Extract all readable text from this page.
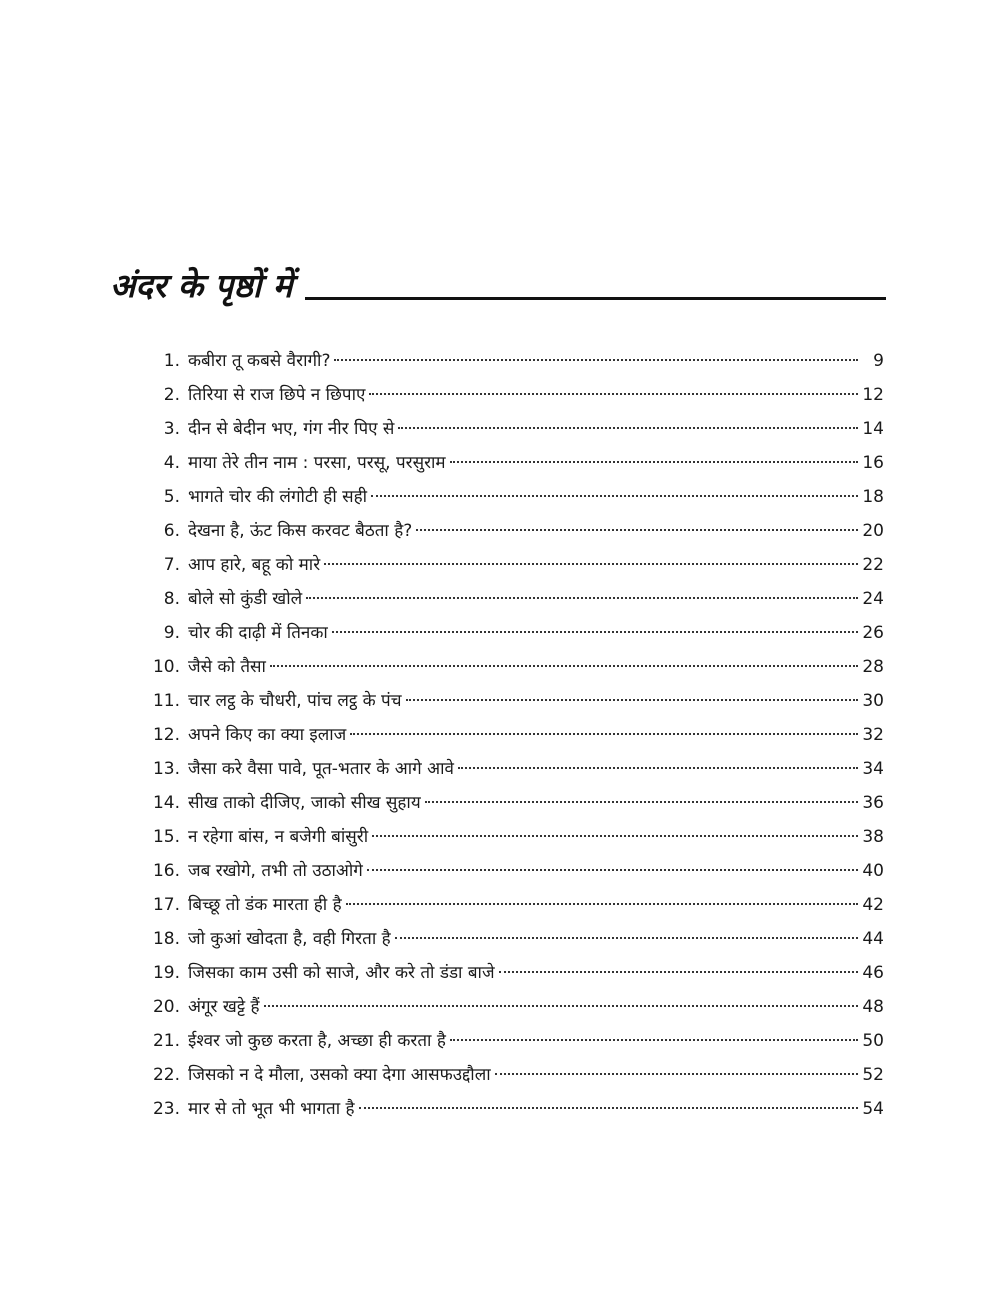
अंदर के पृष्ठों में
1. कबीरा तू कबसे वैरागी?	9
2. तिरिया से राज छिपे न छिपाए	12
3. दीन से बेदीन भए, गंग नीर पिए से	14
4. माया तेरे तीन नाम : परसा, परसू, परसुराम	16
5. भागते चोर की लंगोटी ही सही	18
6. देखना है, ऊंट किस करवट बैठता है?	20
7. आप हारे, बहू को मारे	22
8. बोले सो कुंडी खोले	24
9. चोर की दाढ़ी में तिनका	26
10. जैसे को तैसा	28
11. चार लट्ठ के चौधरी, पांच लट्ठ के पंच	30
12. अपने किए का क्या इलाज	32
13. जैसा करे वैसा पावे, पूत-भतार के आगे आवे	34
14. सीख ताको दीजिए, जाको सीख सुहाय	36
15. न रहेगा बांस, न बजेगी बांसुरी	38
16. जब रखोगे, तभी तो उठाओगे	40
17. बिच्छू तो डंक मारता ही है	42
18. जो कुआं खोदता है, वही गिरता है	44
19. जिसका काम उसी को साजे, और करे तो डंडा बाजे	46
20. अंगूर खट्टे हैं	48
21. ईश्वर जो कुछ करता है, अच्छा ही करता है	50
22. जिसको न दे मौला, उसको क्या देगा आसफउद्दौला	52
23. मार से तो भूत भी भागता है	54
